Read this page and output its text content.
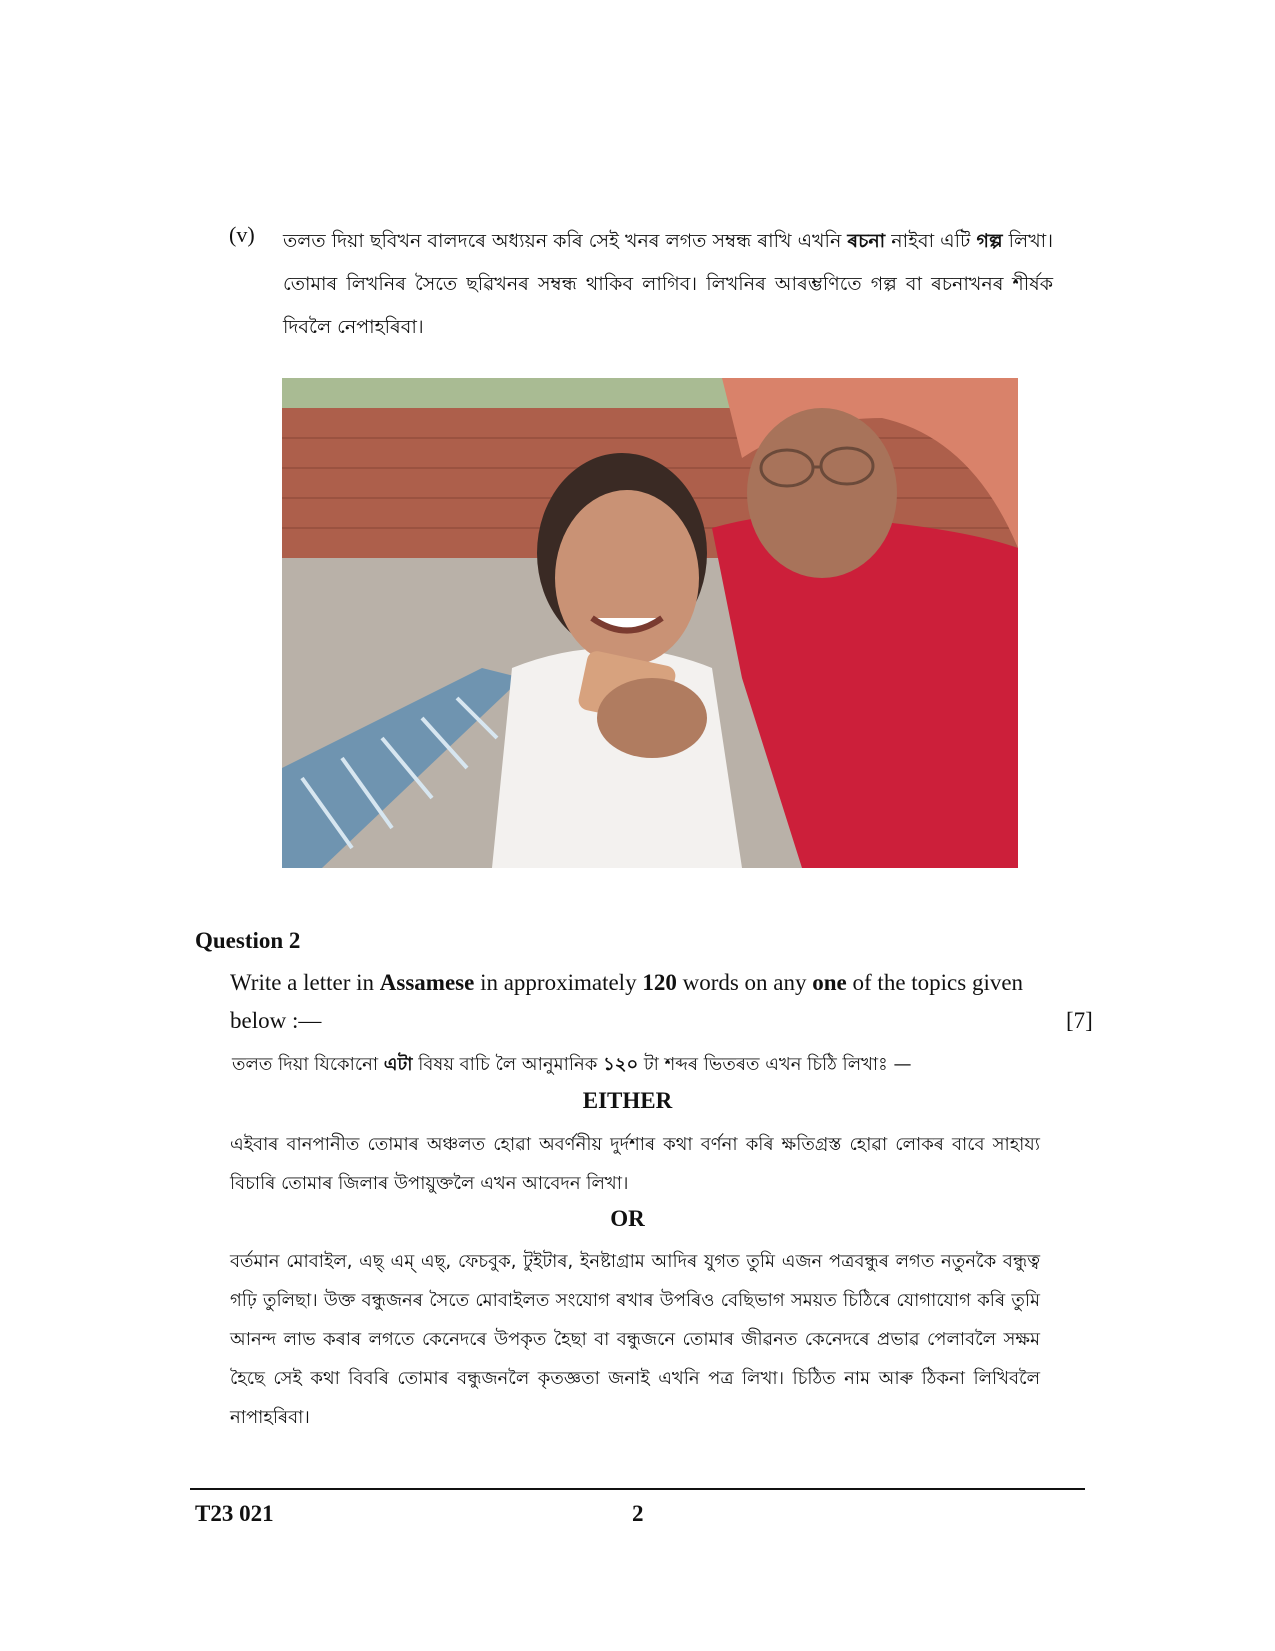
(v) তলত দিয়া ছবিখন বালদৰে অধ্যয়ন কৰি সেই খনৰ লগত সম্বন্ধ ৰাখি এখনি ৰচনা নাইবা এটি গল্প লিখা। তোমাৰ লিখনিৰ সৈতে ছৱিখনৰ সম্বন্ধ থাকিব লাগিব। লিখনিৰ আৰম্ভণিতে গল্প বা ৰচনাখনৰ শীৰ্ষক দিবলৈ নেপাহৰিবা।
Question 2
Write a letter in Assamese in approximately 120 words on any one of the topics given
below :—	[7]
তলত দিয়া যিকোনো এটা বিষয় বাচি লৈ আনুমানিক ১২০ টা শব্দৰ ভিতৰত এখন চিঠি লিখাঃ —
EITHER
এইবাৰ বানপানীত তোমাৰ অঞ্চলত হোৱা অবৰ্ণনীয় দুৰ্দশাৰ কথা বৰ্ণনা কৰি ক্ষতিগ্ৰস্ত হোৱা লোকৰ বাবে সাহায্য বিচাৰি তোমাৰ জিলাৰ উপায়ুক্তলৈ এখন আবেদন লিখা।
OR
বৰ্তমান মোবাইল, এছ্ এম্ এছ্, ফেচবুক, টুইটাৰ, ইনষ্টাগ্ৰাম আদিৰ যুগত তুমি এজন পত্ৰবন্ধুৰ লগত নতুনকৈ বন্ধুত্ব গঢ়ি তুলিছা। উক্ত বন্ধুজনৰ সৈতে মোবাইলত সংযোগ ৰখাৰ উপৰিও বেছিভাগ সময়ত চিঠিৰে যোগাযোগ কৰি তুমি আনন্দ লাভ কৰাৰ লগতে কেনেদৰে উপকৃত হৈছা বা বন্ধুজনে তোমাৰ জীৱনত কেনেদৰে প্ৰভাৱ পেলাবলৈ সক্ষম হৈছে সেই কথা বিবৰি তোমাৰ বন্ধুজনলৈ কৃতজ্ঞতা জনাই এখনি পত্ৰ লিখা। চিঠিত নাম আৰু ঠিকনা লিখিবলৈ নাপাহৰিবা।
T23 021	2
